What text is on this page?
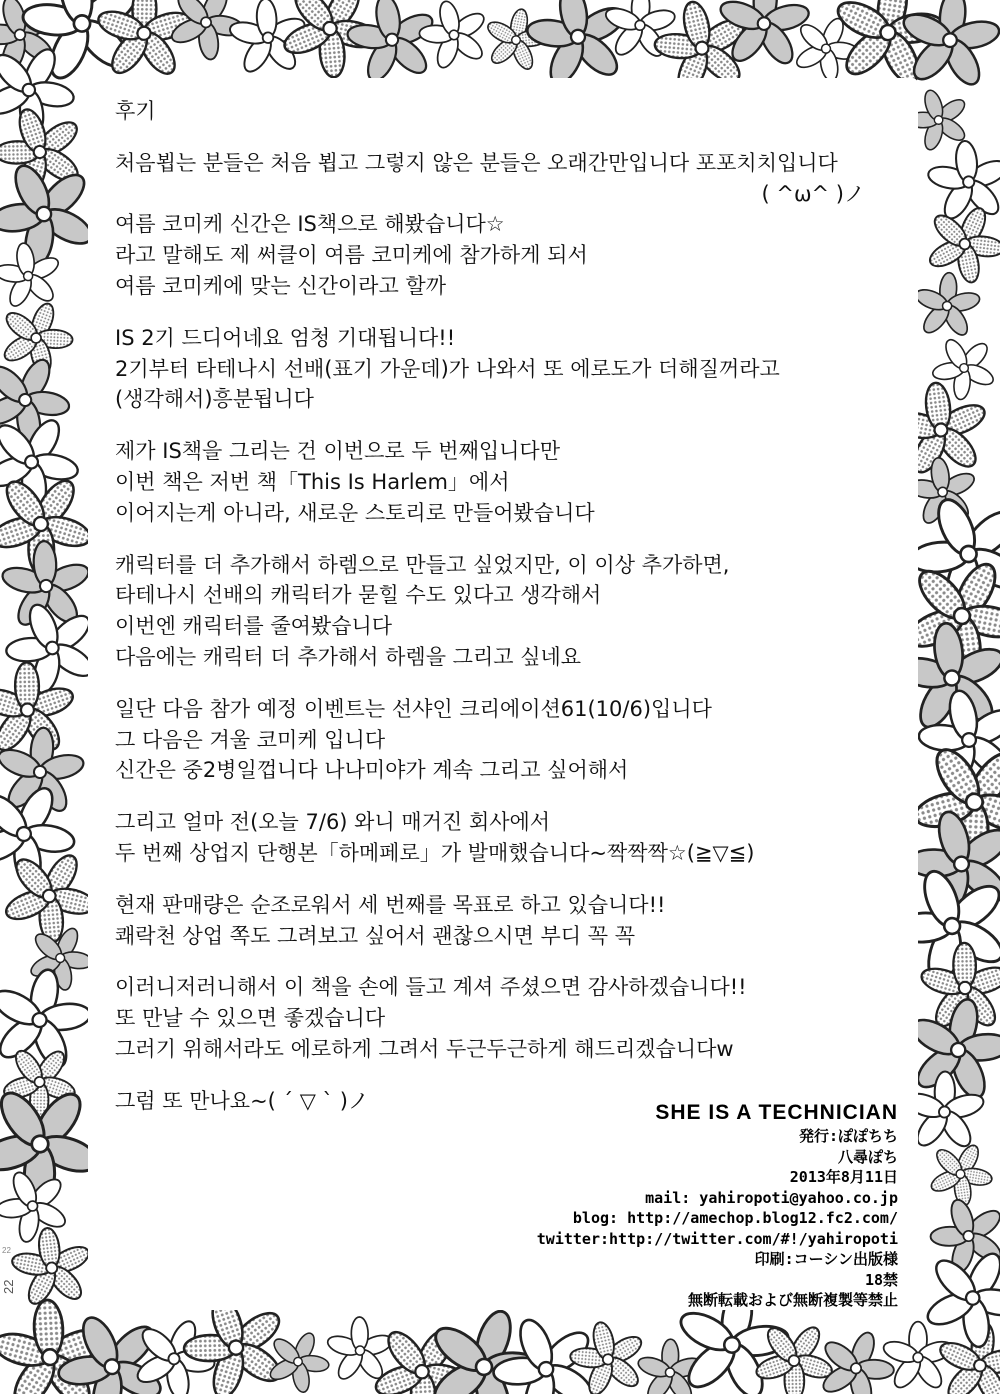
후기
처음뵙는 분들은 처음 뵙고 그렇지 않은 분들은 오래간만입니다 포포치치입니다
( ^ω^ )ノ
여름 코미케 신간은 IS책으로 해봤습니다☆
라고 말해도 제 써클이 여름 코미케에 참가하게 되서
여름 코미케에 맞는 신간이라고 할까
IS 2기 드디어네요 엄청 기대됩니다!!
2기부터 타테나시 선배(표기 가운데)가 나와서 또 에로도가 더해질꺼라고
(생각해서)흥분됩니다
제가 IS책을 그리는 건 이번으로 두 번째입니다만
이번 책은 저번 책「This Is Harlem」에서
이어지는게 아니라, 새로운 스토리로 만들어봤습니다
캐릭터를 더 추가해서 하렘으로 만들고 싶었지만, 이 이상 추가하면,
타테나시 선배의 캐릭터가 묻힐 수도 있다고 생각해서
이번엔 캐릭터를 줄여봤습니다
다음에는 캐릭터 더 추가해서 하렘을 그리고 싶네요
일단 다음 참가 예정 이벤트는 선샤인 크리에이션61(10/6)입니다
그 다음은 겨울 코미케 입니다
신간은 중2병일껍니다 나나미야가 계속 그리고 싶어해서
그리고 얼마 전(오늘 7/6) 와니 매거진 회사에서
두 번째 상업지 단행본「하메페로」가 발매했습니다~짝짝짝☆(≧▽≦)
현재 판매량은 순조로워서 세 번째를 목표로 하고 있습니다!!
쾌락천 상업 쪽도 그려보고 싶어서 괜찮으시면 부디 꼭 꼭
이러니저러니해서 이 책을 손에 들고 계셔 주셨으면 감사하겠습니다!!
또 만날 수 있으면 좋겠습니다
그러기 위해서라도 에로하게 그려서 두근두근하게 해드리겠습니다w
그럼 또 만나요~( ´ ▽ ` )ノ	SHE IS A TECHNICIAN
発行:ぽぽちち
八尋ぽち
2013年8月11日
mail: yahiropoti@yahoo.co.jp
blog: http://amechop.blog12.fc2.com/
twitter:http://twitter.com/#!/yahiropoti
印刷:コーシン出版様
18禁
無断転載および無断複製等禁止
22
22
